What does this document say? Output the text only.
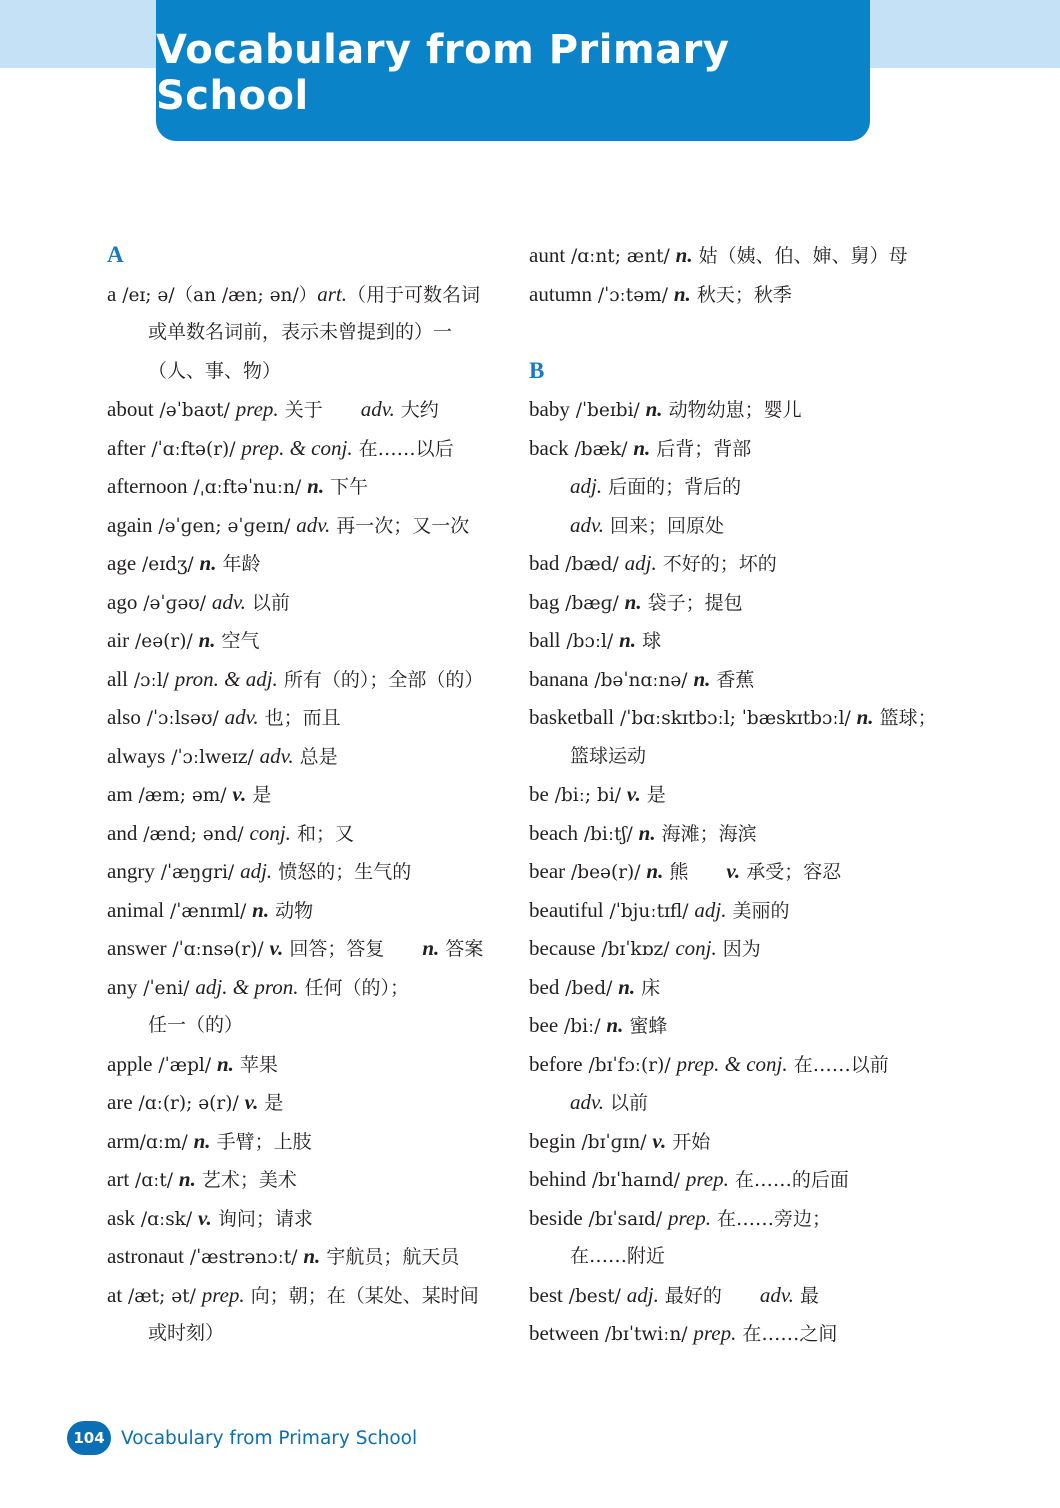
Vocabulary from Primary School
A
a /eɪ; ə/（an /æn; ən/）art.（用于可数名词
或单数名词前，表示未曾提到的）一
（人、事、物）
about /əˈbaʊt/ prep. 关于　　adv. 大约
after /ˈɑːftə(r)/ prep. & conj. 在……以后
afternoon /ˌɑːftəˈnuːn/ n. 下午
again /əˈɡen; əˈɡeɪn/ adv. 再一次；又一次
age /eɪdʒ/ n. 年龄
ago /əˈɡəʊ/ adv. 以前
air /eə(r)/ n. 空气
all /ɔːl/ pron. & adj. 所有（的）；全部（的）
also /ˈɔːlsəʊ/ adv. 也；而且
always /ˈɔːlweɪz/ adv. 总是
am /æm; əm/ v. 是
and /ænd; ənd/ conj. 和；又
angry /ˈæŋɡri/ adj. 愤怒的；生气的
animal /ˈænɪml/ n. 动物
answer /ˈɑːnsə(r)/ v. 回答；答复　　n. 答案
any /ˈeni/ adj. & pron. 任何（的）；
任一（的）
apple /ˈæpl/ n. 苹果
are /ɑː(r); ə(r)/ v. 是
arm/ɑːm/ n. 手臂；上肢
art /ɑːt/ n. 艺术；美术
ask /ɑːsk/ v. 询问；请求
astronaut /ˈæstrənɔːt/ n. 宇航员；航天员
at /æt; ət/ prep. 向；朝；在（某处、某时间
或时刻）
aunt /ɑːnt; ænt/ n. 姑（姨、伯、婶、舅）母
autumn /ˈɔːtəm/ n. 秋天；秋季
B
baby /ˈbeɪbi/ n. 动物幼崽；婴儿
back /bæk/ n. 后背；背部
adj. 后面的；背后的
adv. 回来；回原处
bad /bæd/ adj. 不好的；坏的
bag /bæɡ/ n. 袋子；提包
ball /bɔːl/ n. 球
banana /bəˈnɑːnə/ n. 香蕉
basketball /ˈbɑːskɪtbɔːl; ˈbæskɪtbɔːl/ n. 篮球；
篮球运动
be /biː; bi/ v. 是
beach /biːtʃ/ n. 海滩；海滨
bear /beə(r)/ n. 熊　　v. 承受；容忍
beautiful /ˈbjuːtɪfl/ adj. 美丽的
because /bɪˈkɒz/ conj. 因为
bed /bed/ n. 床
bee /biː/ n. 蜜蜂
before /bɪˈfɔː(r)/ prep. & conj. 在……以前
adv. 以前
begin /bɪˈɡɪn/ v. 开始
behind /bɪˈhaɪnd/ prep. 在……的后面
beside /bɪˈsaɪd/ prep. 在……旁边；
在……附近
best /best/ adj. 最好的　　adv. 最
between /bɪˈtwiːn/ prep. 在……之间
104 Vocabulary from Primary School
